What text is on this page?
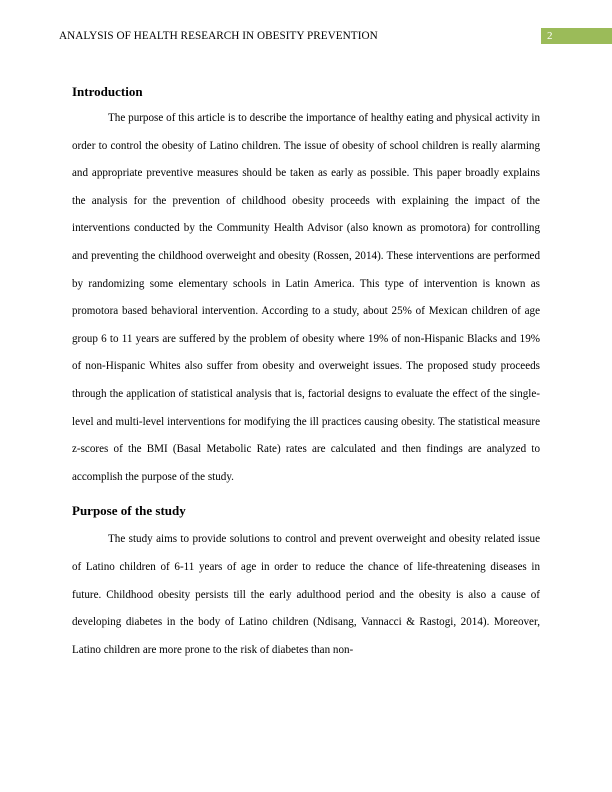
ANALYSIS OF HEALTH RESEARCH IN OBESITY PREVENTION	2
Introduction

The purpose of this article is to describe the importance of healthy eating and physical activity in order to control the obesity of Latino children. The issue of obesity of school children is really alarming and appropriate preventive measures should be taken as early as possible. This paper broadly explains the analysis for the prevention of childhood obesity proceeds with explaining the impact of the interventions conducted by the Community Health Advisor (also known as promotora) for controlling and preventing the childhood overweight and obesity (Rossen, 2014). These interventions are performed by randomizing some elementary schools in Latin America. This type of intervention is known as promotora based behavioral intervention. According to a study, about 25% of Mexican children of age group 6 to 11 years are suffered by the problem of obesity where 19% of non-Hispanic Blacks and 19% of non-Hispanic Whites also suffer from obesity and overweight issues. The proposed study proceeds through the application of statistical analysis that is, factorial designs to evaluate the effect of the single-level and multi-level interventions for modifying the ill practices causing obesity. The statistical measure z-scores of the BMI (Basal Metabolic Rate) rates are calculated and then findings are analyzed to accomplish the purpose of the study.

Purpose of the study

The study aims to provide solutions to control and prevent overweight and obesity related issue of Latino children of 6-11 years of age in order to reduce the chance of life-threatening diseases in future. Childhood obesity persists till the early adulthood period and the obesity is also a cause of developing diabetes in the body of Latino children (Ndisang, Vannacci & Rastogi, 2014). Moreover, Latino children are more prone to the risk of diabetes than non-
